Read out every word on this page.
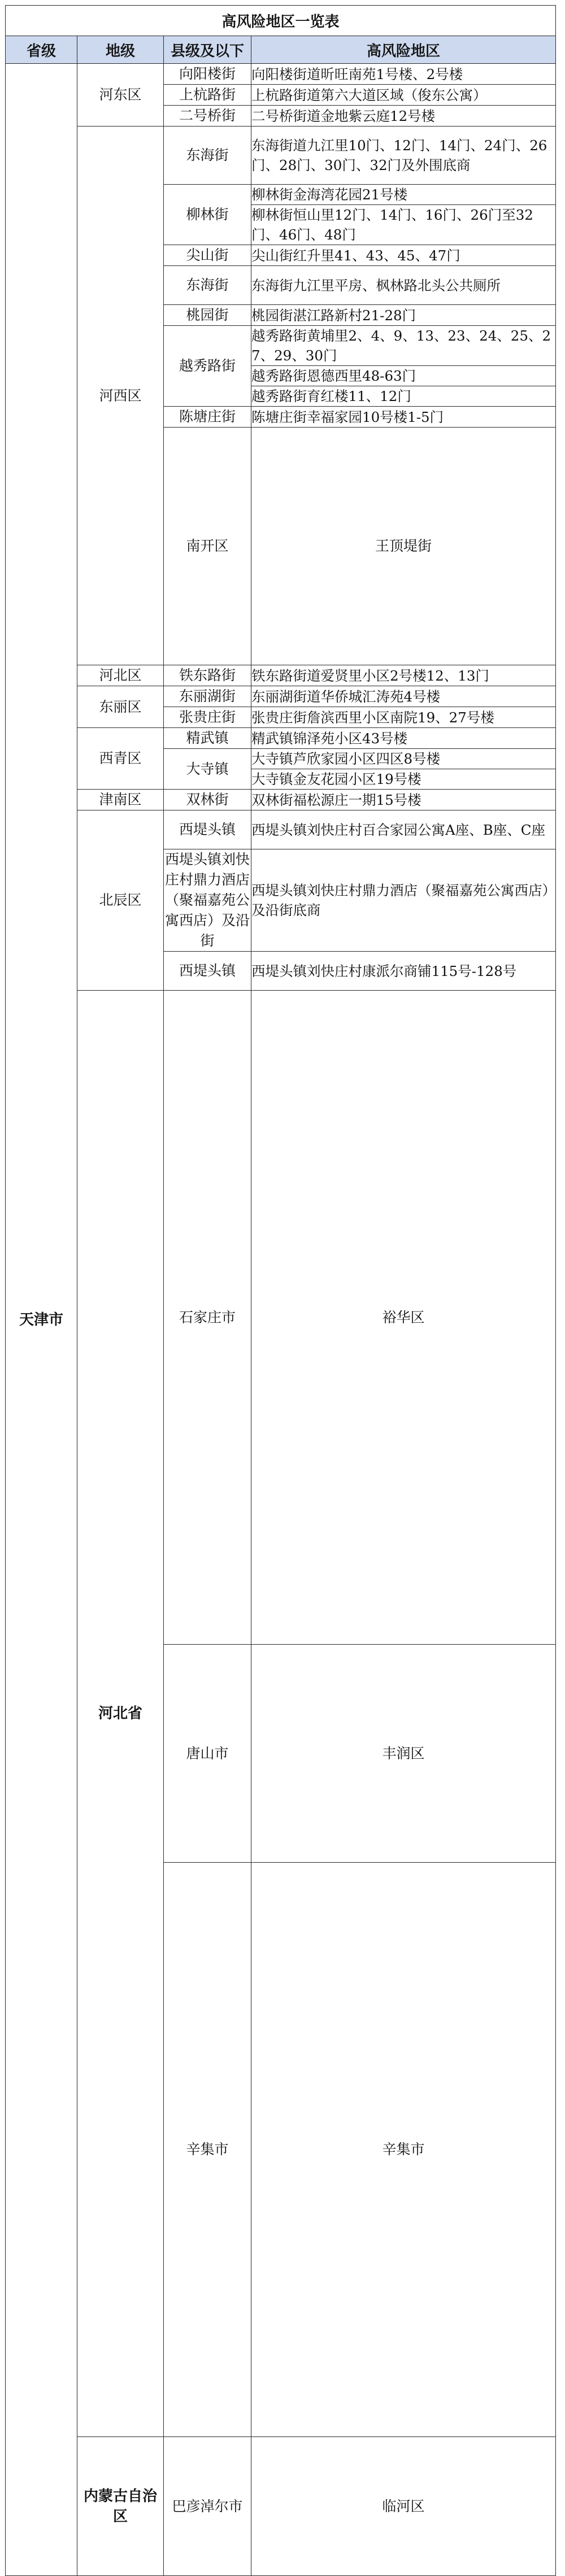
高风险地区一览表				
省级	地级	县级及以下	高风险地区	
天津市	河东区	向阳楼街	向阳楼街道昕旺南苑1号楼、2号楼	
		上杭路街	上杭路街道第六大道区域（俊东公寓）	
		二号桥街	二号桥街道金地紫云庭12号楼	
	河西区	东海街	东海街道九江里10门、12门、14门、24门、26门、28门、30门、32门及外围底商	
		柳林街	柳林街金海湾花园21号楼	
			柳林街恒山里12门、14门、16门、26门至32门、46门、48门	
		尖山街	尖山街红升里41、43、45、47门	
		东海街	东海街九江里平房、枫林路北头公共厕所	
		桃园街	桃园街湛江路新村21-28门	
		越秀路街	越秀路街黄埔里2、4、9、13、23、24、25、27、29、30门	
			越秀路街恩德西里48-63门	
			越秀路街育红楼11、12门	
		陈塘庄街	陈塘庄街幸福家园10号楼1-5门	
		南开区	王顶堤街	
	河北区	铁东路街	铁东路街道爱贤里小区2号楼12、13门	
	东丽区	东丽湖街	东丽湖街道华侨城汇涛苑4号楼	
		张贵庄街	张贵庄街詹滨西里小区南院19、27号楼	
	西青区	精武镇	精武镇锦泽苑小区43号楼	
		大寺镇	大寺镇芦欣家园小区四区8号楼	
			大寺镇金友花园小区19号楼	
	津南区	双林街	双林街福松源庄一期15号楼	
	北辰区	西堤头镇	西堤头镇刘快庄村百合家园公寓A座、B座、C座	
		西堤头镇刘快庄村鼎力酒店（聚福嘉苑公寓西店）及沿街	西堤头镇刘快庄村鼎力酒店（聚福嘉苑公寓西店）及沿街底商	
		西堤头镇	西堤头镇刘快庄村康派尔商铺115号-128号	
	河北省	石家庄市	裕华区	

		唐山市	丰润区	
		辛集市	辛集市	

	内蒙古自治区	巴彦淖尔市	临河区	
